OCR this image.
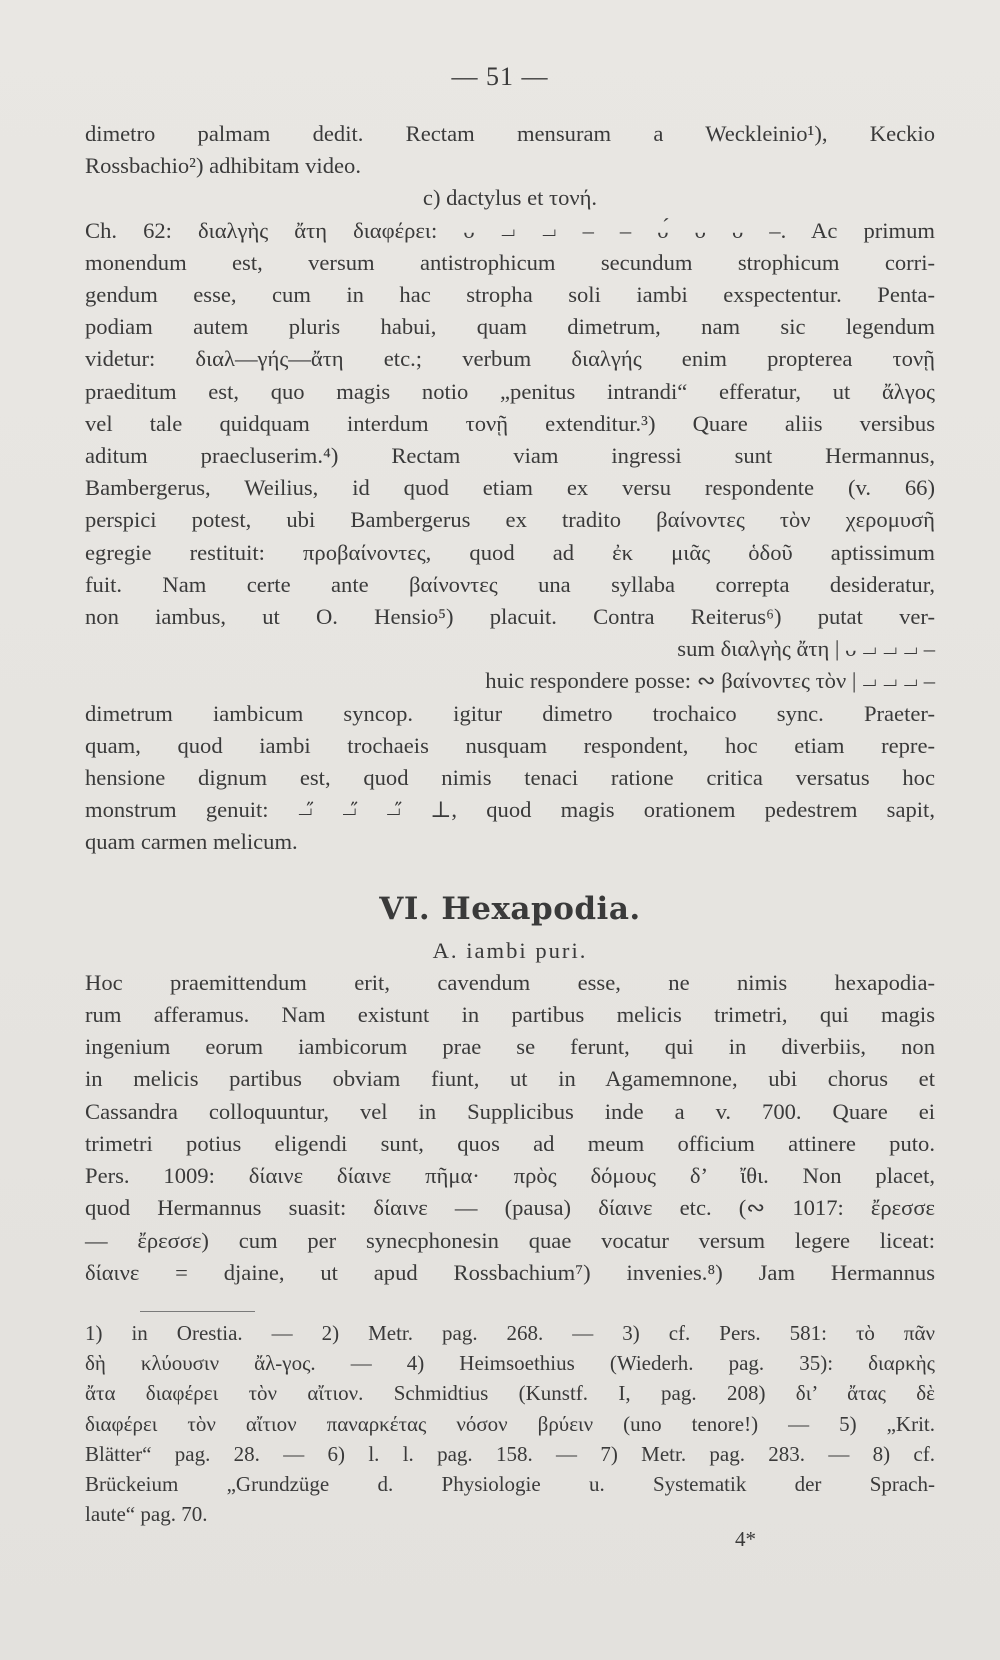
— 51 —
dimetro palmam dedit. Rectam mensuram a Weckleinio¹), Keckio
Rossbachio²) adhibitam video.
c) dactylus et τονή.
Ch. 62: διαλγὴς ἄτη διαφέρει: ᴗ ⏗ ⏗ ‒ ‒ ᴗ́ ᴗ ᴗ ‒. Ac primum
monendum est, versum antistrophicum secundum strophicum corri-
gendum esse, cum in hac stropha soli iambi exspectentur. Penta-
podiam autem pluris habui, quam dimetrum, nam sic legendum
videtur: διαλ—γής—ἄτη etc.; verbum διαλγής enim propterea τονῇ
praeditum est, quo magis notio „penitus intrandi“ efferatur, ut ἄλγος
vel tale quidquam interdum τονῇ extenditur.³) Quare aliis versibus
aditum praecluserim.⁴) Rectam viam ingressi sunt Hermannus,
Bambergerus, Weilius, id quod etiam ex versu respondente (v. 66)
perspici potest, ubi Bambergerus ex tradito βαίνοντες τὸν χερομυσῆ
egregie restituit: προβαίνοντες, quod ad ἐκ μιᾶς ὁδοῦ aptissimum
fuit. Nam certe ante βαίνοντες una syllaba correpta desideratur,
non iambus, ut O. Hensio⁵) placuit. Contra Reiterus⁶) putat ver-
sum διαλγὴς ἄτη | ᴗ ⏗ ⏗ ⏗ ‒
huic respondere posse: ∾ βαίνοντες τὸν | ⏗ ⏗ ⏗ ‒
dimetrum iambicum syncop. igitur dimetro trochaico sync. Praeter-
quam, quod iambi trochaeis nusquam respondent, hoc etiam repre-
hensione dignum est, quod nimis tenaci ratione critica versatus hoc
monstrum genuit: ⏗̋ ⏗̋ ⏗̋ ⊥, quod magis orationem pedestrem sapit,
quam carmen melicum.
VI. Hexapodia.
A. iambi puri.
Hoc praemittendum erit, cavendum esse, ne nimis hexapodia-
rum afferamus. Nam existunt in partibus melicis trimetri, qui magis
ingenium eorum iambicorum prae se ferunt, qui in diverbiis, non
in melicis partibus obviam fiunt, ut in Agamemnone, ubi chorus et
Cassandra colloquuntur, vel in Supplicibus inde a v. 700. Quare ei
trimetri potius eligendi sunt, quos ad meum officium attinere puto.
Pers. 1009: δίαινε δίαινε πῆμα· πρὸς δόμους δ’ ἴθι. Non placet,
quod Hermannus suasit: δίαινε — (pausa) δίαινε etc. (∾ 1017: ἔρεσσε
— ἔρεσσε) cum per synecphonesin quae vocatur versum legere liceat:
δίαινε = djaine, ut apud Rossbachium⁷) invenies.⁸) Jam Hermannus
1) in Orestia. — 2) Metr. pag. 268. — 3) cf. Pers. 581: τὸ πᾶν
δὴ κλύουσιν ἄλ-γος. — 4) Heimsoethius (Wiederh. pag. 35): διαρκὴς
ἄτα διαφέρει τὸν αἴτιον. Schmidtius (Kunstf. I, pag. 208) δι’ ἄτας δὲ
διαφέρει τὸν αἴτιον παναρκέτας νόσον βρύειν (uno tenore!) — 5) „Krit.
Blätter“ pag. 28. — 6) l. l. pag. 158. — 7) Metr. pag. 283. — 8) cf.
Brückeium „Grundzüge d. Physiologie u. Systematik der Sprach-
laute“ pag. 70.
4*
